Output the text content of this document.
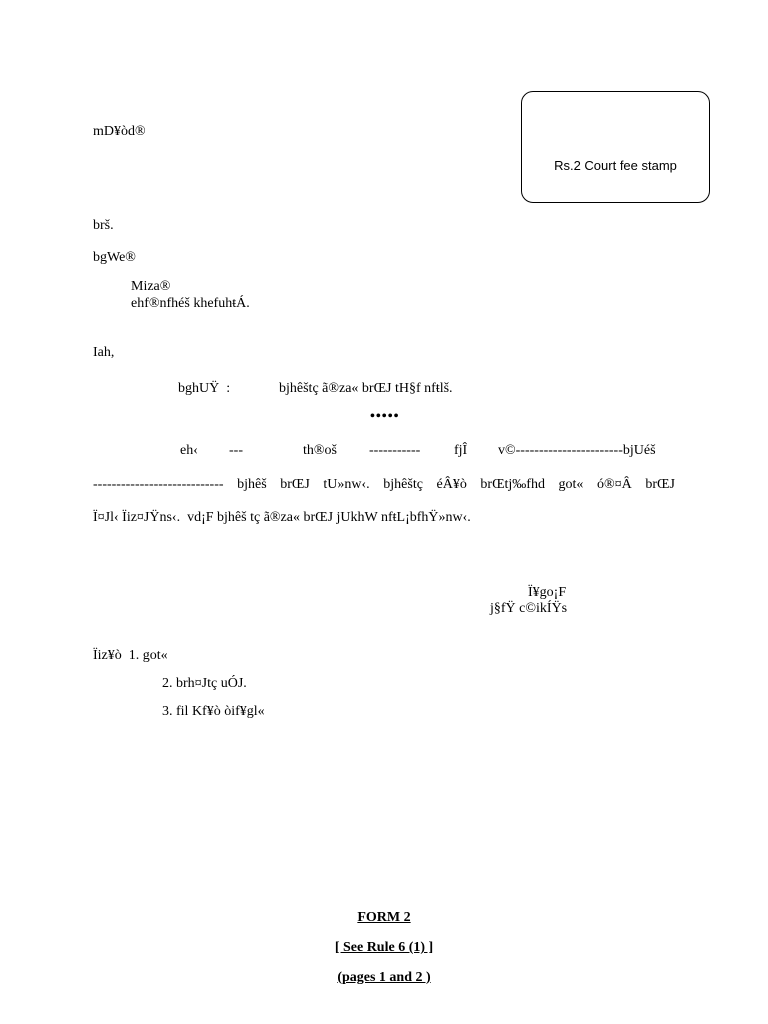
Rs.2 Court fee stamp
mD¥òd®
brš.
bgWe®
Miza®
ehf®nfhéš khefuhŧÁ.
Iah,
bghUŸ  :	bjhêštç ã®za« brŒJ tH§f nfŧlš.
•••••
eh‹ ---	th®oš ----------- fjÎ v©-----------------------bjUéš
---------------------------- bjhêš brŒJ tU»nw‹. bjhêštç éÂ¥ò brŒtj‰fhd got« ó®¤Â brŒJ
Ï¤Jl‹ Ïiz¤JŸns‹.  vd¡F bjhêš tç ã®za« brŒJ jUkhW nfŧL¡bfhŸ»nw‹.
Ï¥go¡F
j§fŸ c©ikÍŸs
Ïiz¥ò  1. got«
2. brh¤Jtç uÓJ.
3. fil Kf¥ò òif¥gl«
FORM 2
[ See Rule 6 (1) ]
(pages 1 and 2 )
